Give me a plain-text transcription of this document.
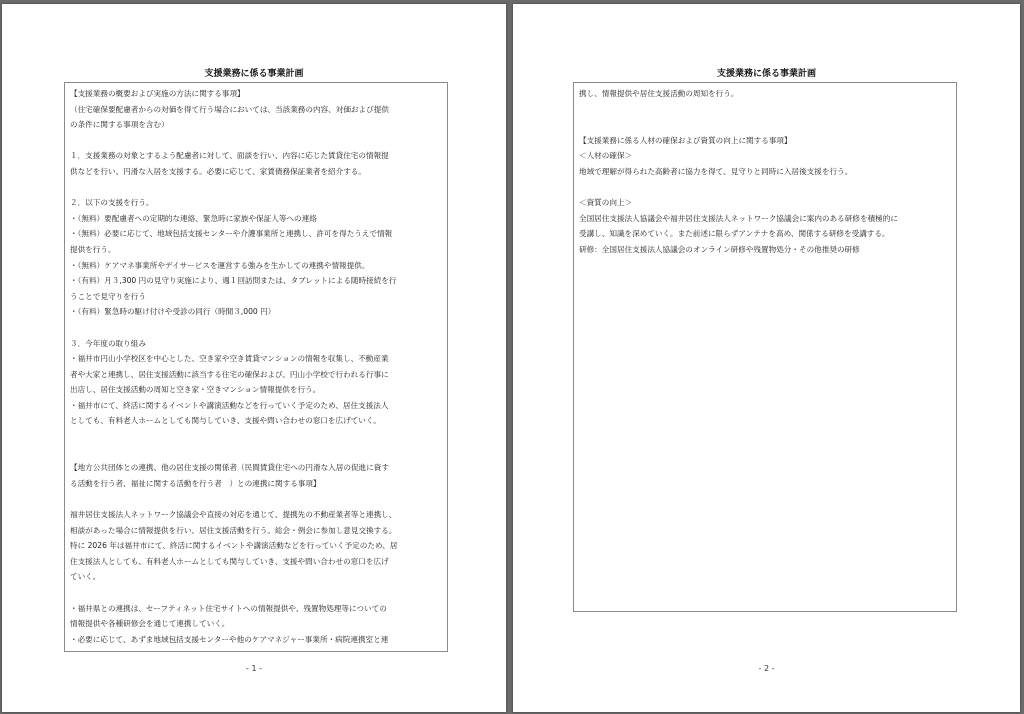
支援業務に係る事業計画
【支援業務の概要および実施の方法に関する事項】
（住宅確保要配慮者からの対価を得て行う場合においては、当該業務の内容、対価および提供
の条件に関する事項を含む）
１．支援業務の対象とするよう配慮者に対して、面談を行い、内容に応じた賃貸住宅の情報提
供などを行い、円滑な入居を支援する。必要に応じて、家賃債務保証業者を紹介する。
２．以下の支援を行う。
・（無料）要配慮者への定期的な連絡、緊急時に家族や保証人等への連絡
・（無料）必要に応じて、地域包括支援センターや介護事業所と連携し、許可を得たうえで情報
提供を行う。
・（無料）ケアマネ事業所やデイサービスを運営する強みを生かしての連携や情報提供。
・（有料）月３,300 円の見守り実施により、週１回訪問または、タブレットによる随時接続を行
うことで見守りを行う
・（有料）緊急時の駆け付けや受診の同行（時間３,000 円）
３．今年度の取り組み
・福井市円山小学校区を中心とした、空き家や空き賃貸マンションの情報を収集し、不動産業
者や大家と連携し、居住支援活動に該当する住宅の確保および、円山小学校で行われる行事に
出店し、居住支援活動の周知と空き家・空きマンション情報提供を行う。
・福井市にて、終活に関するイベントや講演活動などを行っていく予定のため、居住支援法人
としても、有料老人ホームとしても関与していき、支援や問い合わせの窓口を広げていく。
【地方公共団体との連携、他の居住支援の関係者（民間賃貸住宅への円滑な入居の促進に資す
る活動を行う者、福祉に関する活動を行う者　）との連携に関する事項】
福井居住支援法人ネットワーク協議会や直接の対応を通じて、提携先の不動産業者等と連携し、
相談があった場合に情報提供を行い、居住支援活動を行う。総会・例会に参加し意見交換する。
特に 2026 年は福井市にて、終活に関するイベントや講演活動などを行っていく予定のため、居
住支援法人としても、有料老人ホームとしても関与していき、支援や問い合わせの窓口を広げ
ていく。
・福井県との連携は、セーフティネット住宅サイトへの情報提供や、残置物処理等についての
情報提供や各種研修会を通じて連携していく。
・必要に応じて、あずま地域包括支援センターや他のケアマネジャー事業所・病院連携室と連
- 1 -
支援業務に係る事業計画
携し、情報提供や居住支援活動の周知を行う。
【支援業務に係る人材の確保および資質の向上に関する事項】
＜人材の確保＞
地域で理解が得られた高齢者に協力を得て、見守りと同時に入居後支援を行う。
＜資質の向上＞
全国居住支援法人協議会や福井居住支援法人ネットワーク協議会に案内のある研修を積極的に
受講し、知識を深めていく。また前述に限らずアンテナを高め、関係する研修を受講する。
研修：全国居住支援法人協議会のオンライン研修や残置物処分・その他推奨の研修
- 2 -
